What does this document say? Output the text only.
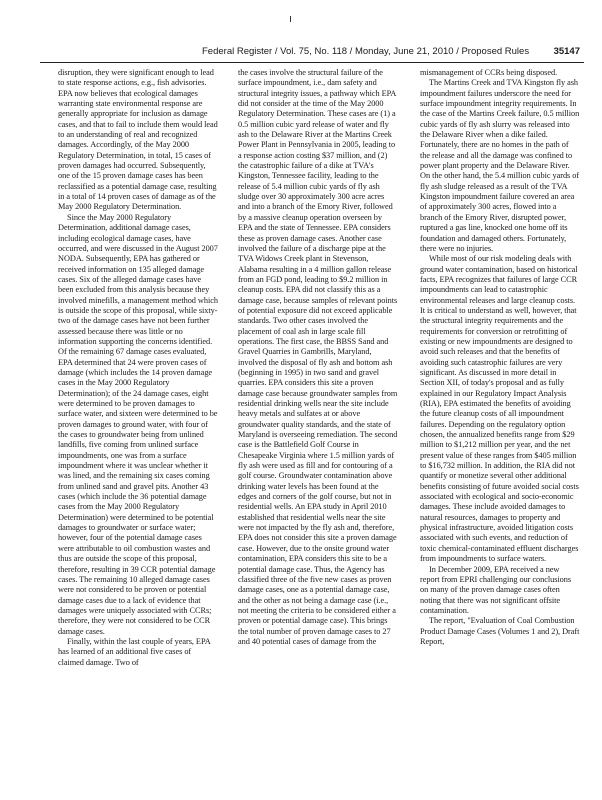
Federal Register / Vol. 75, No. 118 / Monday, June 21, 2010 / Proposed Rules	35147

disruption, they were significant enough to lead to state response actions, e.g., fish advisories. EPA now believes that ecological damages warranting state environmental response are generally appropriate for inclusion as damage cases, and that to fail to include them would lead to an understanding of real and recognized damages. Accordingly, of the May 2000 Regulatory Determination, in total, 15 cases of proven damages had occurred. Subsequently, one of the 15 proven damage cases has been reclassified as a potential damage case, resulting in a total of 14 proven cases of damage as of the May 2000 Regulatory Determination.

Since the May 2000 Regulatory Determination, additional damage cases, including ecological damage cases, have occurred, and were discussed in the August 2007 NODA. Subsequently, EPA has gathered or received information on 135 alleged damage cases. Six of the alleged damage cases have been excluded from this analysis because they involved minefills, a management method which is outside the scope of this proposal, while sixty-two of the damage cases have not been further assessed because there was little or no information supporting the concerns identified. Of the remaining 67 damage cases evaluated, EPA determined that 24 were proven cases of damage (which includes the 14 proven damage cases in the May 2000 Regulatory Determination); of the 24 damage cases, eight were determined to be proven damages to surface water, and sixteen were determined to be proven damages to ground water, with four of the cases to groundwater being from unlined landfills, five coming from unlined surface impoundments, one was from a surface impoundment where it was unclear whether it was lined, and the remaining six cases coming from unlined sand and gravel pits. Another 43 cases (which include the 36 potential damage cases from the May 2000 Regulatory Determination) were determined to be potential damages to groundwater or surface water; however, four of the potential damage cases were attributable to oil combustion wastes and thus are outside the scope of this proposal, therefore, resulting in 39 CCR potential damage cases. The remaining 10 alleged damage cases were not considered to be proven or potential damage cases due to a lack of evidence that damages were uniquely associated with CCRs; therefore, they were not considered to be CCR damage cases.

Finally, within the last couple of years, EPA has learned of an additional five cases of claimed damage. Two of

the cases involve the structural failure of the surface impoundment, i.e., dam safety and structural integrity issues, a pathway which EPA did not consider at the time of the May 2000 Regulatory Determination. These cases are (1) a 0.5 million cubic yard release of water and fly ash to the Delaware River at the Martins Creek Power Plant in Pennsylvania in 2005, leading to a response action costing $37 million, and (2) the catastrophic failure of a dike at TVA's Kingston, Tennessee facility, leading to the release of 5.4 million cubic yards of fly ash sludge over 30 approximately 300 acre acres and into a branch of the Emory River, followed by a massive cleanup operation overseen by EPA and the state of Tennessee. EPA considers these as proven damage cases. Another case involved the failure of a discharge pipe at the TVA Widows Creek plant in Stevenson, Alabama resulting in a 4 million gallon release from an FGD pond, leading to $9.2 million in cleanup costs. EPA did not classify this as a damage case, because samples of relevant points of potential exposure did not exceed applicable standards. Two other cases involved the placement of coal ash in large scale fill operations. The first case, the BBSS Sand and Gravel Quarries in Gambrills, Maryland, involved the disposal of fly ash and bottom ash (beginning in 1995) in two sand and gravel quarries. EPA considers this site a proven damage case because groundwater samples from residential drinking wells near the site include heavy metals and sulfates at or above groundwater quality standards, and the state of Maryland is overseeing remediation. The second case is the Battlefield Golf Course in Chesapeake Virginia where 1.5 million yards of fly ash were used as fill and for contouring of a golf course. Groundwater contamination above drinking water levels has been found at the edges and corners of the golf course, but not in residential wells. An EPA study in April 2010 established that residential wells near the site were not impacted by the fly ash and, therefore, EPA does not consider this site a proven damage case. However, due to the onsite ground water contamination, EPA considers this site to be a potential damage case. Thus, the Agency has classified three of the five new cases as proven damage cases, one as a potential damage case, and the other as not being a damage case (i.e., not meeting the criteria to be considered either a proven or potential damage case). This brings the total number of proven damage cases to 27 and 40 potential cases of damage from the

mismanagement of CCRs being disposed.

The Martins Creek and TVA Kingston fly ash impoundment failures underscore the need for surface impoundment integrity requirements. In the case of the Martins Creek failure, 0.5 million cubic yards of fly ash slurry was released into the Delaware River when a dike failed. Fortunately, there are no homes in the path of the release and all the damage was confined to power plant property and the Delaware River. On the other hand, the 5.4 million cubic yards of fly ash sludge released as a result of the TVA Kingston impoundment failure covered an area of approximately 300 acres, flowed into a branch of the Emory River, disrupted power, ruptured a gas line, knocked one home off its foundation and damaged others. Fortunately, there were no injuries.

While most of our risk modeling deals with ground water contamination, based on historical facts, EPA recognizes that failures of large CCR impoundments can lead to catastrophic environmental releases and large cleanup costs. It is critical to understand as well, however, that the structural integrity requirements and the requirements for conversion or retrofitting of existing or new impoundments are designed to avoid such releases and that the benefits of avoiding such catastrophic failures are very significant. As discussed in more detail in Section XII, of today's proposal and as fully explained in our Regulatory Impact Analysis (RIA), EPA estimated the benefits of avoiding the future cleanup costs of all impoundment failures. Depending on the regulatory option chosen, the annualized benefits range from $29 million to $1,212 million per year, and the net present value of these ranges from $405 million to $16,732 million. In addition, the RIA did not quantify or monetize several other additional benefits consisting of future avoided social costs associated with ecological and socio-economic damages. These include avoided damages to natural resources, damages to property and physical infrastructure, avoided litigation costs associated with such events, and reduction of toxic chemical-contaminated effluent discharges from impoundments to surface waters.

In December 2009, EPA received a new report from EPRI challenging our conclusions on many of the proven damage cases often noting that there was not significant offsite contamination.

The report, "Evaluation of Coal Combustion Product Damage Cases (Volumes 1 and 2), Draft Report,
